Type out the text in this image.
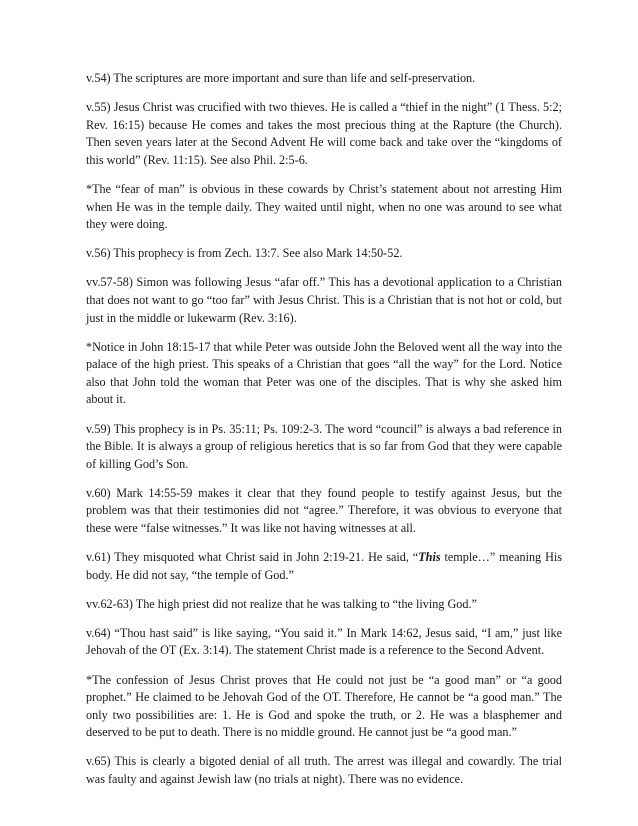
v.54) The scriptures are more important and sure than life and self-preservation.

v.55) Jesus Christ was crucified with two thieves. He is called a “thief in the night” (1 Thess. 5:2; Rev. 16:15) because He comes and takes the most precious thing at the Rapture (the Church). Then seven years later at the Second Advent He will come back and take over the “kingdoms of this world” (Rev. 11:15). See also Phil. 2:5-6.

*The “fear of man” is obvious in these cowards by Christ’s statement about not arresting Him when He was in the temple daily. They waited until night, when no one was around to see what they were doing.

v.56) This prophecy is from Zech. 13:7. See also Mark 14:50-52.

vv.57-58) Simon was following Jesus “afar off.” This has a devotional application to a Christian that does not want to go “too far” with Jesus Christ. This is a Christian that is not hot or cold, but just in the middle or lukewarm (Rev. 3:16).

*Notice in John 18:15-17 that while Peter was outside John the Beloved went all the way into the palace of the high priest. This speaks of a Christian that goes “all the way” for the Lord. Notice also that John told the woman that Peter was one of the disciples. That is why she asked him about it.

v.59) This prophecy is in Ps. 35:11; Ps. 109:2-3. The word “council” is always a bad reference in the Bible. It is always a group of religious heretics that is so far from God that they were capable of killing God’s Son.

v.60) Mark 14:55-59 makes it clear that they found people to testify against Jesus, but the problem was that their testimonies did not “agree.” Therefore, it was obvious to everyone that these were “false witnesses.” It was like not having witnesses at all.

v.61) They misquoted what Christ said in John 2:19-21. He said, “This temple…” meaning His body. He did not say, “the temple of God.”

vv.62-63) The high priest did not realize that he was talking to “the living God.”

v.64) “Thou hast said” is like saying, “You said it.” In Mark 14:62, Jesus said, “I am,” just like Jehovah of the OT (Ex. 3:14). The statement Christ made is a reference to the Second Advent.

*The confession of Jesus Christ proves that He could not just be “a good man” or “a good prophet.” He claimed to be Jehovah God of the OT. Therefore, He cannot be “a good man.” The only two possibilities are: 1. He is God and spoke the truth, or 2. He was a blasphemer and deserved to be put to death. There is no middle ground. He cannot just be “a good man.”

v.65) This is clearly a bigoted denial of all truth. The arrest was illegal and cowardly. The trial was faulty and against Jewish law (no trials at night). There was no evidence.
